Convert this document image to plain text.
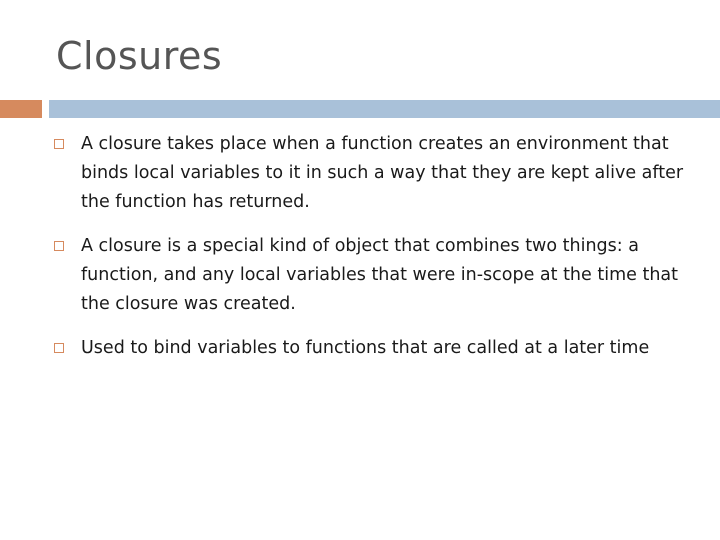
Closures
A closure takes place when a function creates an environment that binds local variables to it in such a way that they are kept alive after the function has returned.
A closure is a special kind of object that combines two things: a function, and any local variables that were in-scope at the time that the closure was created.
Used to bind variables to functions that are called at a later time
